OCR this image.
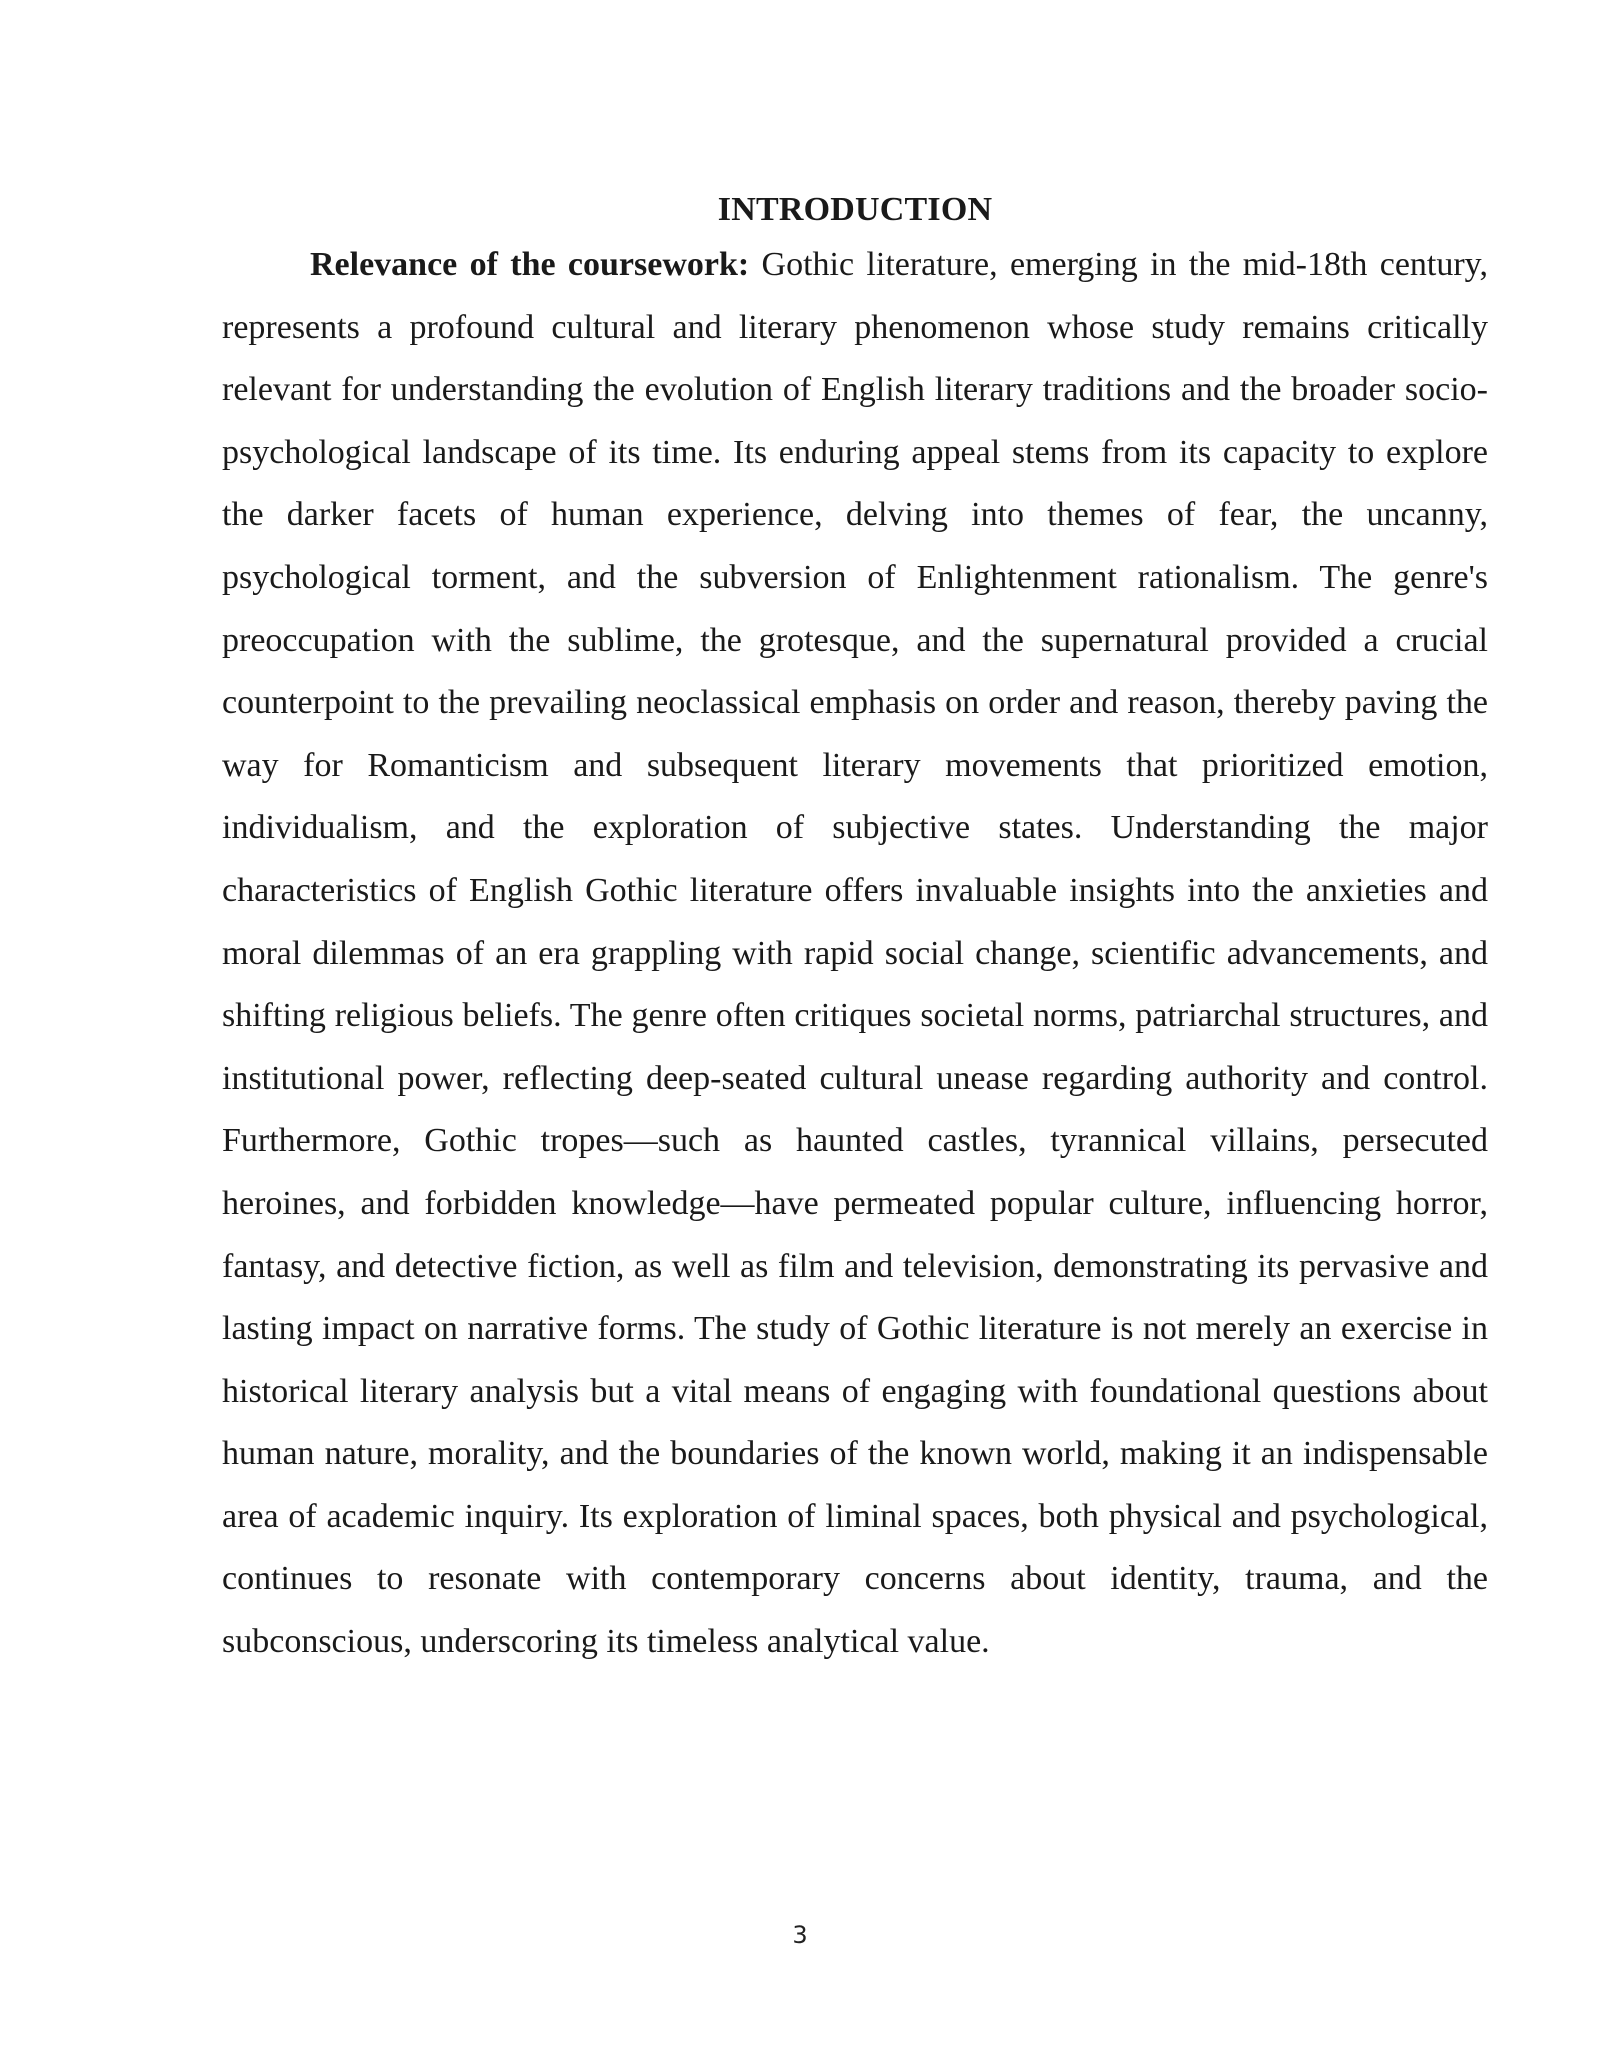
INTRODUCTION

Relevance of the coursework: Gothic literature, emerging in the mid-18th century, represents a profound cultural and literary phenomenon whose study remains critically relevant for understanding the evolution of English literary traditions and the broader socio-psychological landscape of its time. Its enduring appeal stems from its capacity to explore the darker facets of human experience, delving into themes of fear, the uncanny, psychological torment, and the subversion of Enlightenment rationalism. The genre's preoccupation with the sublime, the grotesque, and the supernatural provided a crucial counterpoint to the prevailing neoclassical emphasis on order and reason, thereby paving the way for Romanticism and subsequent literary movements that prioritized emotion, individualism, and the exploration of subjective states. Understanding the major characteristics of English Gothic literature offers invaluable insights into the anxieties and moral dilemmas of an era grappling with rapid social change, scientific advancements, and shifting religious beliefs. The genre often critiques societal norms, patriarchal structures, and institutional power, reflecting deep-seated cultural unease regarding authority and control. Furthermore, Gothic tropes—such as haunted castles, tyrannical villains, persecuted heroines, and forbidden knowledge—have permeated popular culture, influencing horror, fantasy, and detective fiction, as well as film and television, demonstrating its pervasive and lasting impact on narrative forms. The study of Gothic literature is not merely an exercise in historical literary analysis but a vital means of engaging with foundational questions about human nature, morality, and the boundaries of the known world, making it an indispensable area of academic inquiry. Its exploration of liminal spaces, both physical and psychological, continues to resonate with contemporary concerns about identity, trauma, and the subconscious, underscoring its timeless analytical value.

3
